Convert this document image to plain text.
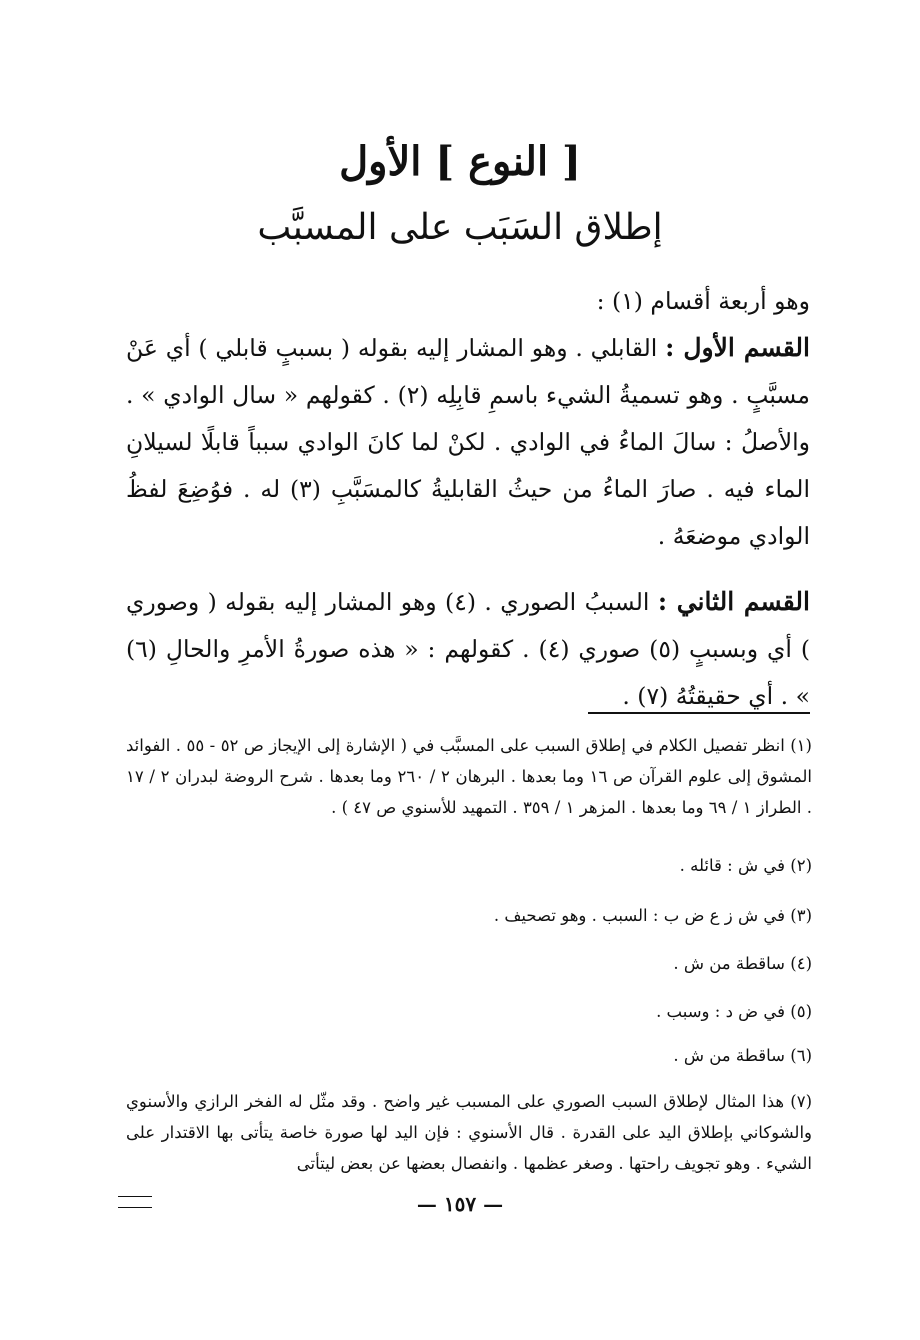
[ النوع ] الأول
إطلاق السَبَب على المسبَّب

وهو أربعة أقسام (١) :

القسم الأول : القابلي . وهو المشار إليه بقوله ( بسببٍ قابلي ) أي عَنْ مسبَّبٍ . وهو تسميةُ الشيء باسمِ قابِلِه (٢) . كقولهم « سال الوادي » . والأصلُ : سالَ الماءُ في الوادي . لكنْ لما كانَ الوادي سبباً قابلًا لسيلانِ الماء فيه . صارَ الماءُ من حيثُ القابليةُ كالمسَبَّبِ (٣) له . فوُضِعَ لفظُ الوادي موضعَهُ .

القسم الثاني : السببُ الصوري . (٤) وهو المشار إليه بقوله ( وصوري ) أي وبسببٍ (٥) صوري (٤) . كقولهم : « هذه صورةُ الأمرِ والحالِ (٦) » . أي حقيقتُهُ (٧) .

(١) انظر تفصيل الكلام في إطلاق السبب على المسبَّب في ( الإشارة إلى الإيجاز ص ٥٢ - ٥٥ . الفوائد المشوق إلى علوم القرآن ص ١٦ وما بعدها . البرهان ٢ / ٢٦٠ وما بعدها . شرح الروضة لبدران ٢ / ١٧ . الطراز ١ / ٦٩ وما بعدها . المزهر ١ / ٣٥٩ . التمهيد للأسنوي ص ٤٧ ) .

(٢) في ش : قائله .

(٣) في ش ز ع ض ب : السبب . وهو تصحيف .

(٤) ساقطة من ش .

(٥) في ض د : وسبب .

(٦) ساقطة من ش .

(٧) هذا المثال لإطلاق السبب الصوري على المسبب غير واضح . وقد مثّل له الفخر الرازي والأسنوي والشوكاني بإطلاق اليد على القدرة . قال الأسنوي : فإن اليد لها صورة خاصة يتأتى بها الاقتدار على الشيء . وهو تجويف راحتها . وصغر عظمها . وانفصال بعضها عن بعض ليتأتى

— ١٥٧ —
